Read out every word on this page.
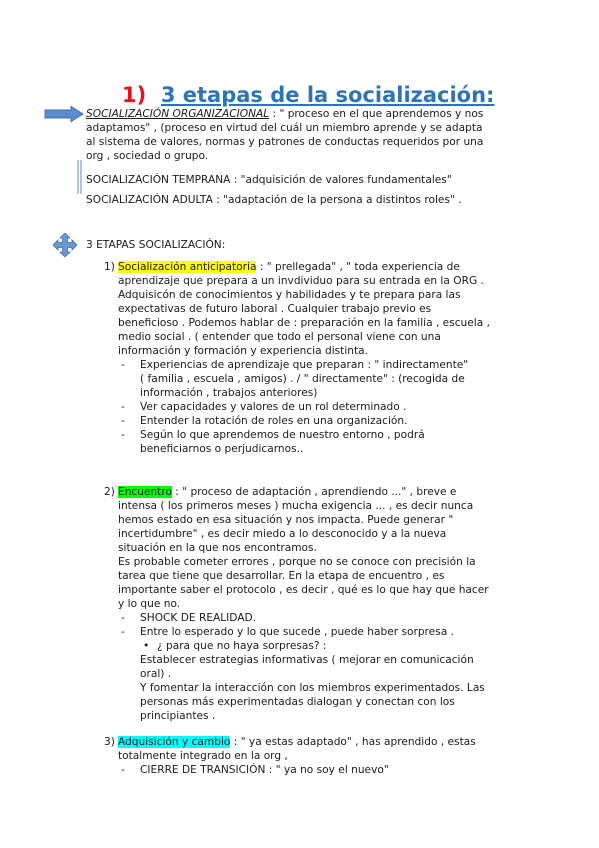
1) 3 etapas de la socialización:
SOCIALIZACIÓN ORGANIZACIONAL : " proceso en el que aprendemos y nos
adaptamos" , (proceso en virtud del cuál un miembro aprende y se adapta
al sistema de valores, normas y patrones de conductas requeridos por una
org , sociedad o grupo.
SOCIALIZACIÓN TEMPRANA : "adquisición de valores fundamentales"
SOCIALIZACIÓN ADULTA : "adaptación de la persona a distintos roles" .
3 ETAPAS SOCIALIZACIÓN:
1) Socialización anticipatoria : " prellegada" , " toda experiencia de
aprendizaje que prepara a un invdividuo para su entrada en la ORG .
Adquisicón de conocimientos y habilidades y te prepara para las
expectativas de futuro laboral . Cualquier trabajo previo es
beneficioso . Podemos hablar de : preparación en la familia , escuela ,
medio social . ( entender que todo el personal viene con una
información y formación y experiencia distinta.
- Experiencias de aprendizaje que preparan : " indirectamente"
( familia , escuela , amigos) . / " directamente" : (recogida de
información , trabajos anteriores)
- Ver capacidades y valores de un rol determinado .
- Entender la rotación de roles en una organización.
- Según lo que aprendemos de nuestro entorno , podrá
beneficiarnos o perjudicarnos..
2) Encuentro : " proceso de adaptación , aprendiendo ..." , breve e
intensa ( los primeros meses ) mucha exigencia ... , es decir nunca
hemos estado en esa situación y nos impacta. Puede generar "
incertidumbre" , es decir miedo a lo desconocido y a la nueva
situación en la que nos encontramos.
Es probable cometer errores , porque no se conoce con precisión la
tarea que tiene que desarrollar. En la etapa de encuentro , es
importante saber el protocolo , es decir , qué es lo que hay que hacer
y lo que no.
- SHOCK DE REALIDAD.
- Entre lo esperado y lo que sucede , puede haber sorpresa .
• ¿ para que no haya sorpresas? :
Establecer estrategias informativas ( mejorar en comunicación
oral) .
Y fomentar la interacción con los miembros experimentados. Las
personas más experimentadas dialogan y conectan con los
principiantes .
3) Adquisición y cambio : " ya estas adaptado" , has aprendido , estas
totalmente integrado en la org ,
- CIERRE DE TRANSICIÓN : " ya no soy el nuevo"
